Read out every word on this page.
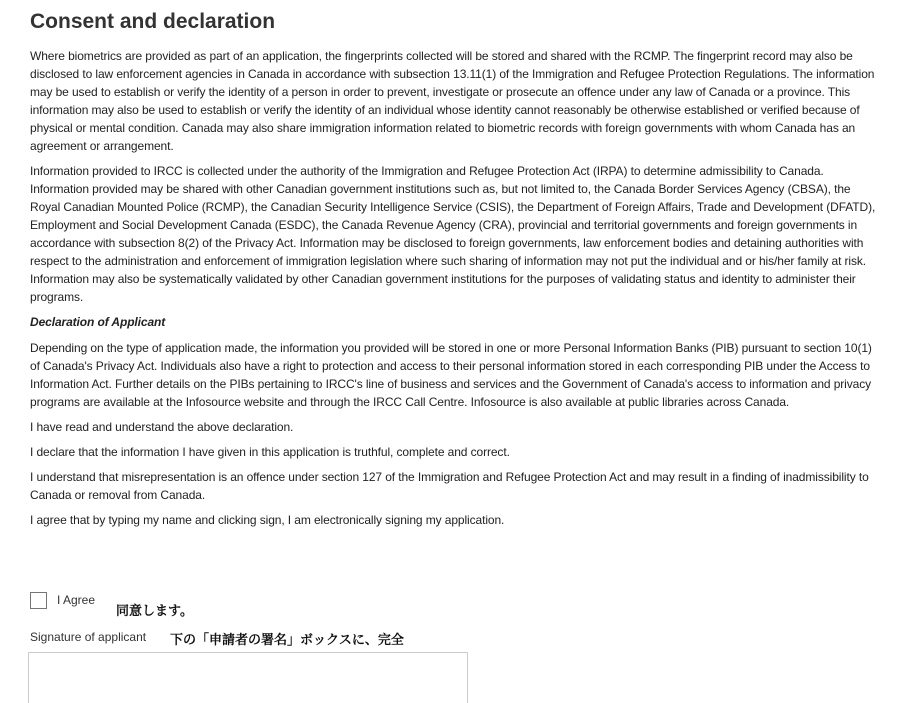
Consent and declaration

Where biometrics are provided as part of an application, the fingerprints collected will be stored and shared with the RCMP. The fingerprint record may also be disclosed to law enforcement agencies in Canada in accordance with subsection 13.11(1) of the Immigration and Refugee Protection Regulations. The information may be used to establish or verify the identity of a person in order to prevent, investigate or prosecute an offence under any law of Canada or a province. This information may also be used to establish or verify the identity of an individual whose identity cannot reasonably be otherwise established or verified because of physical or mental condition. Canada may also share immigration information related to biometric records with foreign governments with whom Canada has an agreement or arrangement.

Information provided to IRCC is collected under the authority of the Immigration and Refugee Protection Act (IRPA) to determine admissibility to Canada. Information provided may be shared with other Canadian government institutions such as, but not limited to, the Canada Border Services Agency (CBSA), the Royal Canadian Mounted Police (RCMP), the Canadian Security Intelligence Service (CSIS), the Department of Foreign Affairs, Trade and Development (DFATD), Employment and Social Development Canada (ESDC), the Canada Revenue Agency (CRA), provincial and territorial governments and foreign governments in accordance with subsection 8(2) of the Privacy Act. Information may be disclosed to foreign governments, law enforcement bodies and detaining authorities with respect to the administration and enforcement of immigration legislation where such sharing of information may not put the individual and or his/her family at risk. Information may also be systematically validated by other Canadian government institutions for the purposes of validating status and identity to administer their programs.

Declaration of Applicant

Depending on the type of application made, the information you provided will be stored in one or more Personal Information Banks (PIB) pursuant to section 10(1) of Canada's Privacy Act. Individuals also have a right to protection and access to their personal information stored in each corresponding PIB under the Access to Information Act. Further details on the PIBs pertaining to IRCC's line of business and services and the Government of Canada's access to information and privacy programs are available at the Infosource website and through the IRCC Call Centre. Infosource is also available at public libraries across Canada.

I have read and understand the above declaration.

I declare that the information I have given in this application is truthful, complete and correct.

I understand that misrepresentation is an offence under section 127 of the Immigration and Refugee Protection Act and may result in a finding of inadmissibility to Canada or removal from Canada.

I agree that by typing my name and clicking sign, I am electronically signing my application.

I Agree
同意します。
Signature of applicant 下の「申請者の署名」ボックスに、完全
